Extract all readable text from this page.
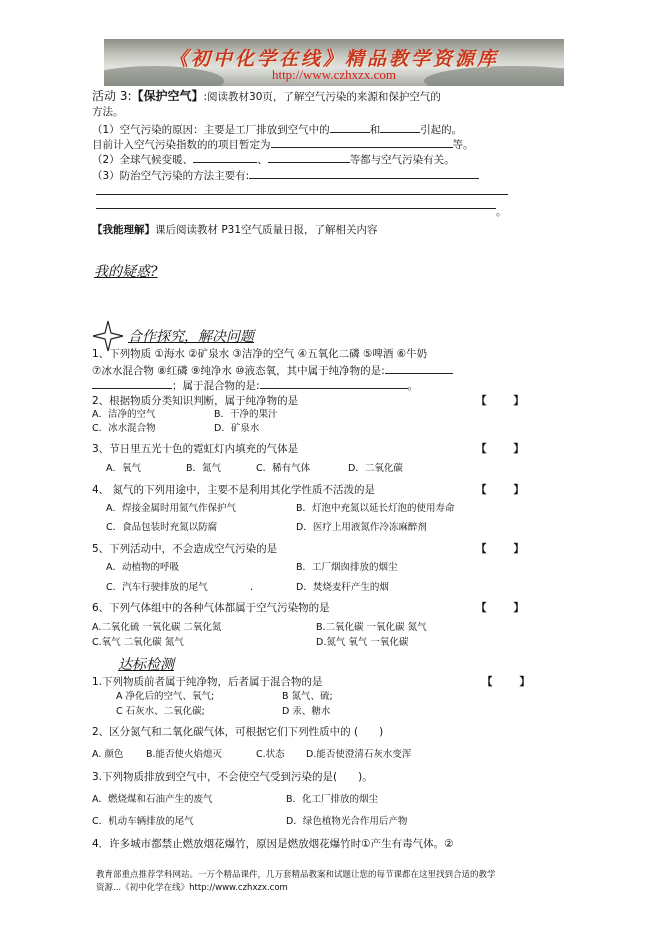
《初中化学在线》精品教学资源库
http://www.czhxzx.com
活动 3:【保护空气】:阅读教材30页，了解空气污染的来源和保护空气的
方法。
（1）空气污染的原因：主要是工厂排放到空气中的	和	引起的。
目前计入空气污染指数的的项目暂定为	等。
（2）全球气候变暖、	、	等都与空气污染有关。
（3）防治空气污染的方法主要有:
。
【我能理解】课后阅读教材 P31空气质量日报，了解相关内容
我的疑惑?
合作探究，解决问题
1、下列物质 ①海水 ②矿泉水 ③洁净的空气 ④五氧化二磷 ⑤啤酒 ⑥牛奶
⑦冰水混合物 ⑧红磷 ⑨纯净水 ⑩液态氧，其中属于纯净物的是:
；属于混合物的是:	。
2、根据物质分类知识判断，属于纯净物的是	【　　】
A．洁净的空气	B．干净的果汁
C．冰水混合物	D．矿泉水
3、节日里五光十色的霓虹灯内填充的气体是	【　　】
A．氧气	B．氮气	C．稀有气体	D．二氧化碳
4、 氮气的下列用途中，主要不是利用其化学性质不活泼的是	【　　】
A．焊接金属时用氮气作保护气	B．灯泡中充氮以延长灯泡的使用寿命
C．食品包装时充氮以防腐	D．医疗上用液氮作冷冻麻醉剂
5、下列活动中，不会造成空气污染的是	【　　】
A．动植物的呼吸	B．工厂烟囱排放的烟尘
C．汽车行驶排放的尾气	.	D．焚烧麦秆产生的烟
6、下列气体组中的各种气体都属于空气污染物的是	【　　】
A.二氧化硫 一氧化碳 二氧化氮	B.二氧化碳 一氧化碳 氮气
C.氧气 二氧化碳 氮气	D.氮气 氧气 一氧化碳
达标检测
1.下列物质前者属于纯净物，后者属于混合物的是	【　　】
A 净化后的空气、氧气;	B 氮气、硫;
C 石灰水、二氧化碳;	D 汞、糖水
2、区分氮气和二氧化碳气体，可根据它们下列性质中的 (　　)
A. 颜色 B.能否使火焰熄灭	C.状态 D.能否使澄清石灰水变浑
3.下列物质排放到空气中，不会使空气受到污染的是(　　)。
A．燃烧煤和石油产生的废气	B．化工厂排放的烟尘
C．机动车辆排放的尾气	D．绿色植物光合作用后产物
4．许多城市都禁止燃放烟花爆竹，原因是燃放烟花爆竹时①产生有毒气体。②
教育部重点推荐学科网站。一万个精品课件，几万套精品教案和试题让您的每节课都在这里找到合适的教学
资源...《初中化学在线》http://www.czhxzx.com
